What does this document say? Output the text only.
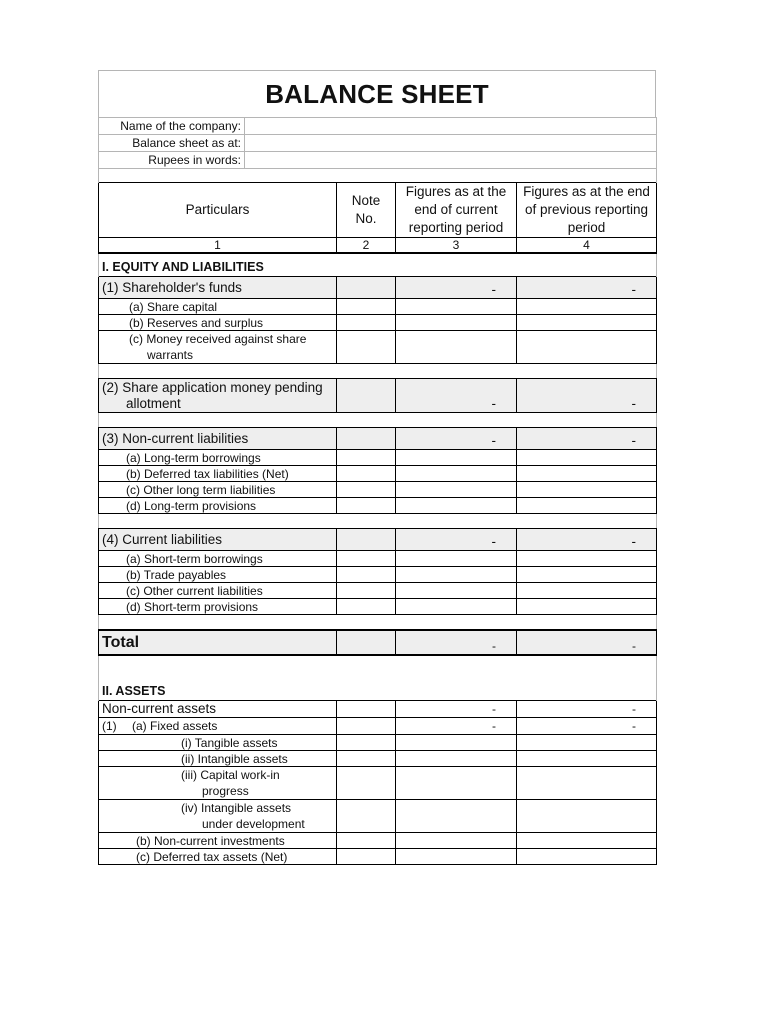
BALANCE SHEET
Name of the company:	
Balance sheet as at:	
Rupees in words:	

Particulars	Note No.	Figures as at the end of current reporting period	Figures as at the end of previous reporting period
1	2	3	4
I. EQUITY AND LIABILITIES			
(1) Shareholder's funds		-	-
(a) Share capital			
(b) Reserves and surplus			

(c) Money received against share
warrants			

(2) Share application money pending
allotment		-	-

(3) Non-current liabilities		-	-
(a) Long-term borrowings			
(b) Deferred tax liabilities (Net)			
(c) Other long term liabilities			
(d) Long-term provisions			

(4) Current liabilities		-	-
(a) Short-term borrowings			
(b) Trade payables			
(c) Other current liabilities			
(d) Short-term provisions			

Total		-	-

II. ASSETS			
Non-current assets		-	-
(1) (a) Fixed assets		-	-
(i) Tangible assets			
(ii) Intangible assets			

(iii) Capital work-in
progress			

(iv) Intangible assets
under development			

(b) Non-current investments			
(c) Deferred tax assets (Net)			
